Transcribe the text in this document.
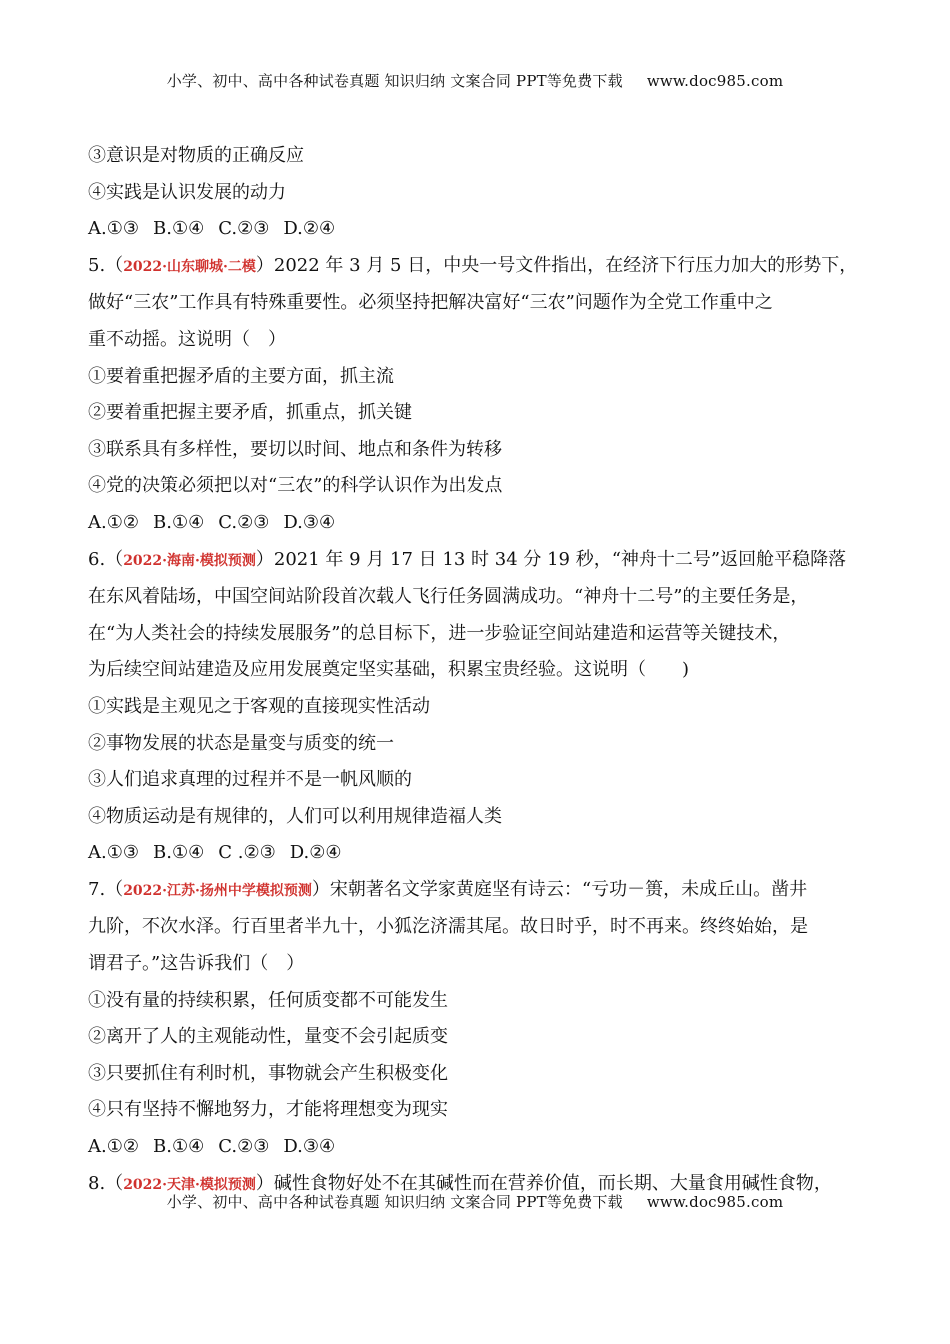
小学、初中、高中各种试卷真题 知识归纳 文案合同 PPT等免费下载 www.doc985.com
③意识是对物质的正确反应
④实践是认识发展的动力
A.①③ B.①④ C.②③ D.②④
5.（2022·山东聊城·二模）2022 年 3 月 5 日，中央一号文件指出，在经济下行压力加大的形势下，
做好“三农”工作具有特殊重要性。必须坚持把解决富好“三农”问题作为全党工作重中之
重不动摇。这说明（　）
①要着重把握矛盾的主要方面，抓主流
②要着重把握主要矛盾，抓重点，抓关键
③联系具有多样性，要切以时间、地点和条件为转移
④党的决策必须把以对“三农”的科学认识作为出发点
A.①② B.①④ C.②③ D.③④
6.（2022·海南·模拟预测）2021 年 9 月 17 日 13 时 34 分 19 秒，“神舟十二号”返回舱平稳降落
在东风着陆场，中国空间站阶段首次载人飞行任务圆满成功。“神舟十二号”的主要任务是，
在“为人类社会的持续发展服务”的总目标下，进一步验证空间站建造和运营等关键技术，
为后续空间站建造及应用发展奠定坚实基础，积累宝贵经验。这说明（　　)
①实践是主观见之于客观的直接现实性活动
②事物发展的状态是量变与质变的统一
③人们追求真理的过程并不是一帆风顺的
④物质运动是有规律的，人们可以利用规律造福人类
A.①③ B.①④ C .②③ D.②④
7.（2022·江苏·扬州中学模拟预测）宋朝著名文学家黄庭坚有诗云：“亏功－篑，未成丘山。凿井
九阶，不次水泽。行百里者半九十，小狐汔济濡其尾。故日时乎，时不再来。终终始始，是
谓君子。”这告诉我们（　）
①没有量的持续积累，任何质变都不可能发生
②离开了人的主观能动性，量变不会引起质变
③只要抓住有利时机，事物就会产生积极变化
④只有坚持不懈地努力，才能将理想变为现实
A.①② B.①④ C.②③ D.③④
8.（2022·天津·模拟预测）碱性食物好处不在其碱性而在营养价值，而长期、大量食用碱性食物，
小学、初中、高中各种试卷真题 知识归纳 文案合同 PPT等免费下载 www.doc985.com
